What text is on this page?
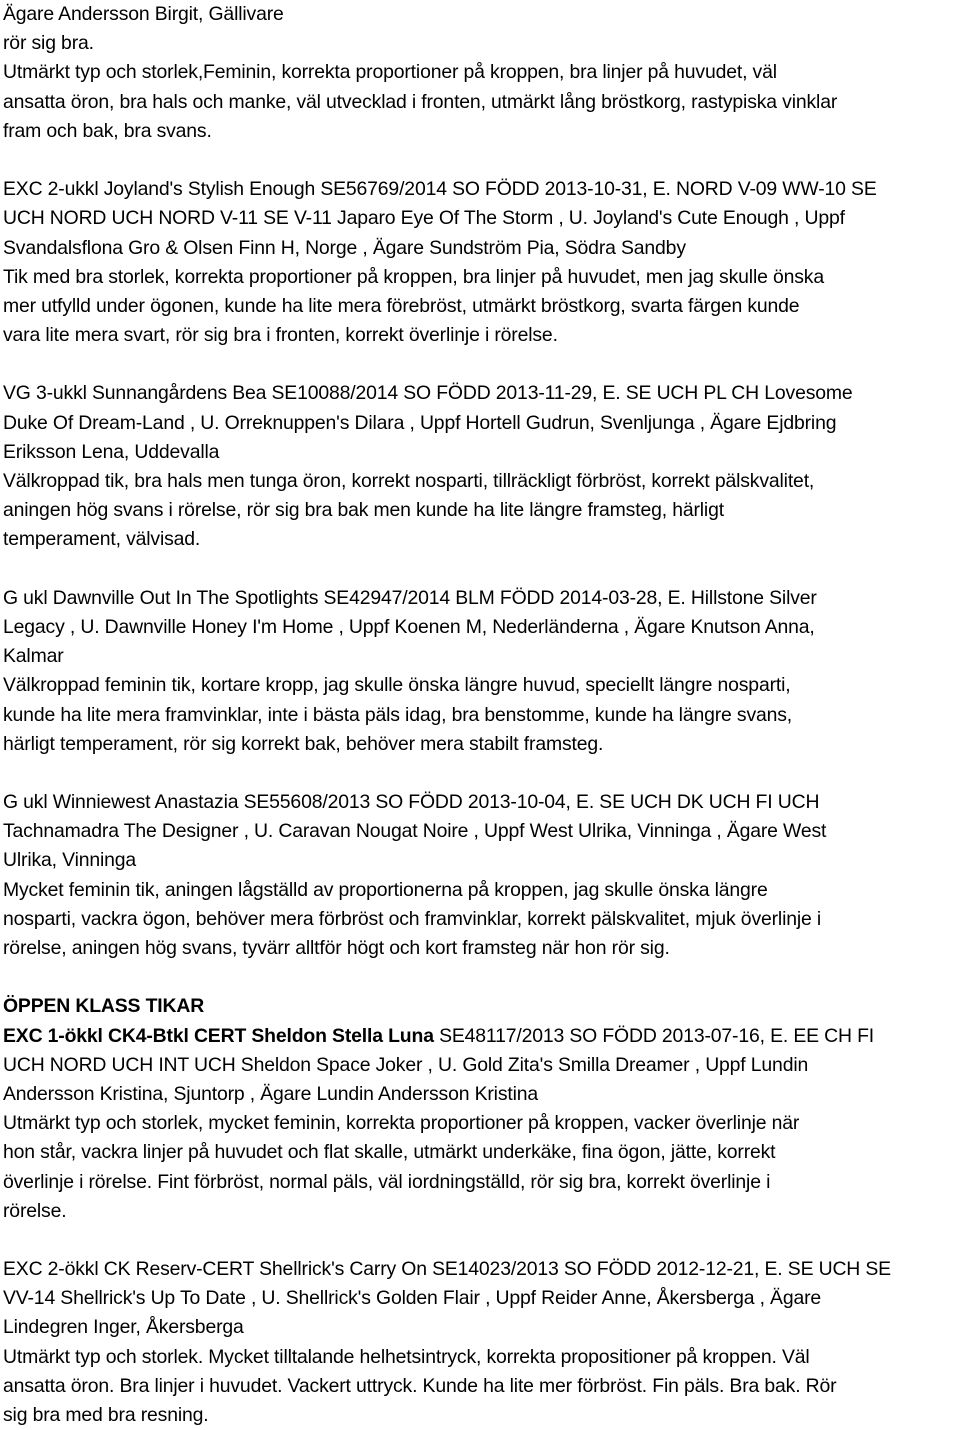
Ägare Andersson Birgit, Gällivare
rör sig bra.
Utmärkt typ och storlek,Feminin, korrekta proportioner på kroppen, bra linjer på huvudet, väl
ansatta öron, bra hals och manke, väl utvecklad i fronten, utmärkt lång bröstkorg, rastypiska vinklar
fram och bak, bra svans.
EXC 2-ukkl Joyland's Stylish Enough SE56769/2014 SO FÖDD 2013-10-31, E. NORD V-09 WW-10 SE
UCH NORD UCH NORD V-11 SE V-11 Japaro Eye Of The Storm , U. Joyland's Cute Enough , Uppf
Svandalsflona Gro & Olsen Finn H, Norge , Ägare Sundström Pia, Södra Sandby
Tik med bra storlek, korrekta proportioner på kroppen, bra linjer på huvudet, men jag skulle önska
mer utfylld under ögonen, kunde ha lite mera förebröst, utmärkt bröstkorg, svarta färgen kunde
vara lite mera svart, rör sig bra i fronten, korrekt överlinje i rörelse.
VG 3-ukkl Sunnangårdens Bea SE10088/2014 SO FÖDD 2013-11-29, E. SE UCH PL CH Lovesome
Duke Of Dream-Land , U. Orreknuppen's Dilara , Uppf Hortell Gudrun, Svenljunga , Ägare Ejdbring
Eriksson Lena, Uddevalla
Välkroppad tik, bra hals men tunga öron, korrekt nosparti, tillräckligt förbröst, korrekt pälskvalitet,
aningen hög svans i rörelse, rör sig bra bak men kunde ha lite längre framsteg, härligt
temperament, välvisad.
G ukl Dawnville Out In The Spotlights SE42947/2014 BLM FÖDD 2014-03-28, E. Hillstone Silver
Legacy , U. Dawnville Honey I'm Home , Uppf Koenen M, Nederländerna , Ägare Knutson Anna,
Kalmar
Välkroppad feminin tik, kortare kropp, jag skulle önska längre huvud, speciellt längre nosparti,
kunde ha lite mera framvinklar, inte i bästa päls idag, bra benstomme, kunde ha längre svans,
härligt temperament, rör sig korrekt bak, behöver mera stabilt framsteg.
G ukl Winniewest Anastazia SE55608/2013 SO FÖDD 2013-10-04, E. SE UCH DK UCH FI UCH
Tachnamadra The Designer , U. Caravan Nougat Noire , Uppf West Ulrika, Vinninga , Ägare West
Ulrika, Vinninga
Mycket feminin tik, aningen lågställd av proportionerna på kroppen, jag skulle önska längre
nosparti, vackra ögon, behöver mera förbröst och framvinklar, korrekt pälskvalitet, mjuk överlinje i
rörelse, aningen hög svans, tyvärr alltför högt och kort framsteg när hon rör sig.
ÖPPEN KLASS TIKAR
EXC 1-ökkl CK4-Btkl CERT Sheldon Stella Luna SE48117/2013 SO FÖDD 2013-07-16, E. EE CH FI
UCH NORD UCH INT UCH Sheldon Space Joker , U. Gold Zita's Smilla Dreamer , Uppf Lundin
Andersson Kristina, Sjuntorp , Ägare Lundin Andersson Kristina
Utmärkt typ och storlek, mycket feminin, korrekta proportioner på kroppen, vacker överlinje när
hon står, vackra linjer på huvudet och flat skalle, utmärkt underkäke, fina ögon, jätte, korrekt
överlinje i rörelse. Fint förbröst, normal päls, väl iordningställd, rör sig bra, korrekt överlinje i
rörelse.
EXC 2-ökkl CK Reserv-CERT Shellrick's Carry On SE14023/2013 SO FÖDD 2012-12-21, E. SE UCH SE
VV-14 Shellrick's Up To Date , U. Shellrick's Golden Flair , Uppf Reider Anne, Åkersberga , Ägare
Lindegren Inger, Åkersberga
Utmärkt typ och storlek. Mycket tilltalande helhetsintryck, korrekta propositioner på kroppen. Väl
ansatta öron. Bra linjer i huvudet. Vackert uttryck. Kunde ha lite mer förbröst. Fin päls. Bra bak. Rör
sig bra med bra resning.
